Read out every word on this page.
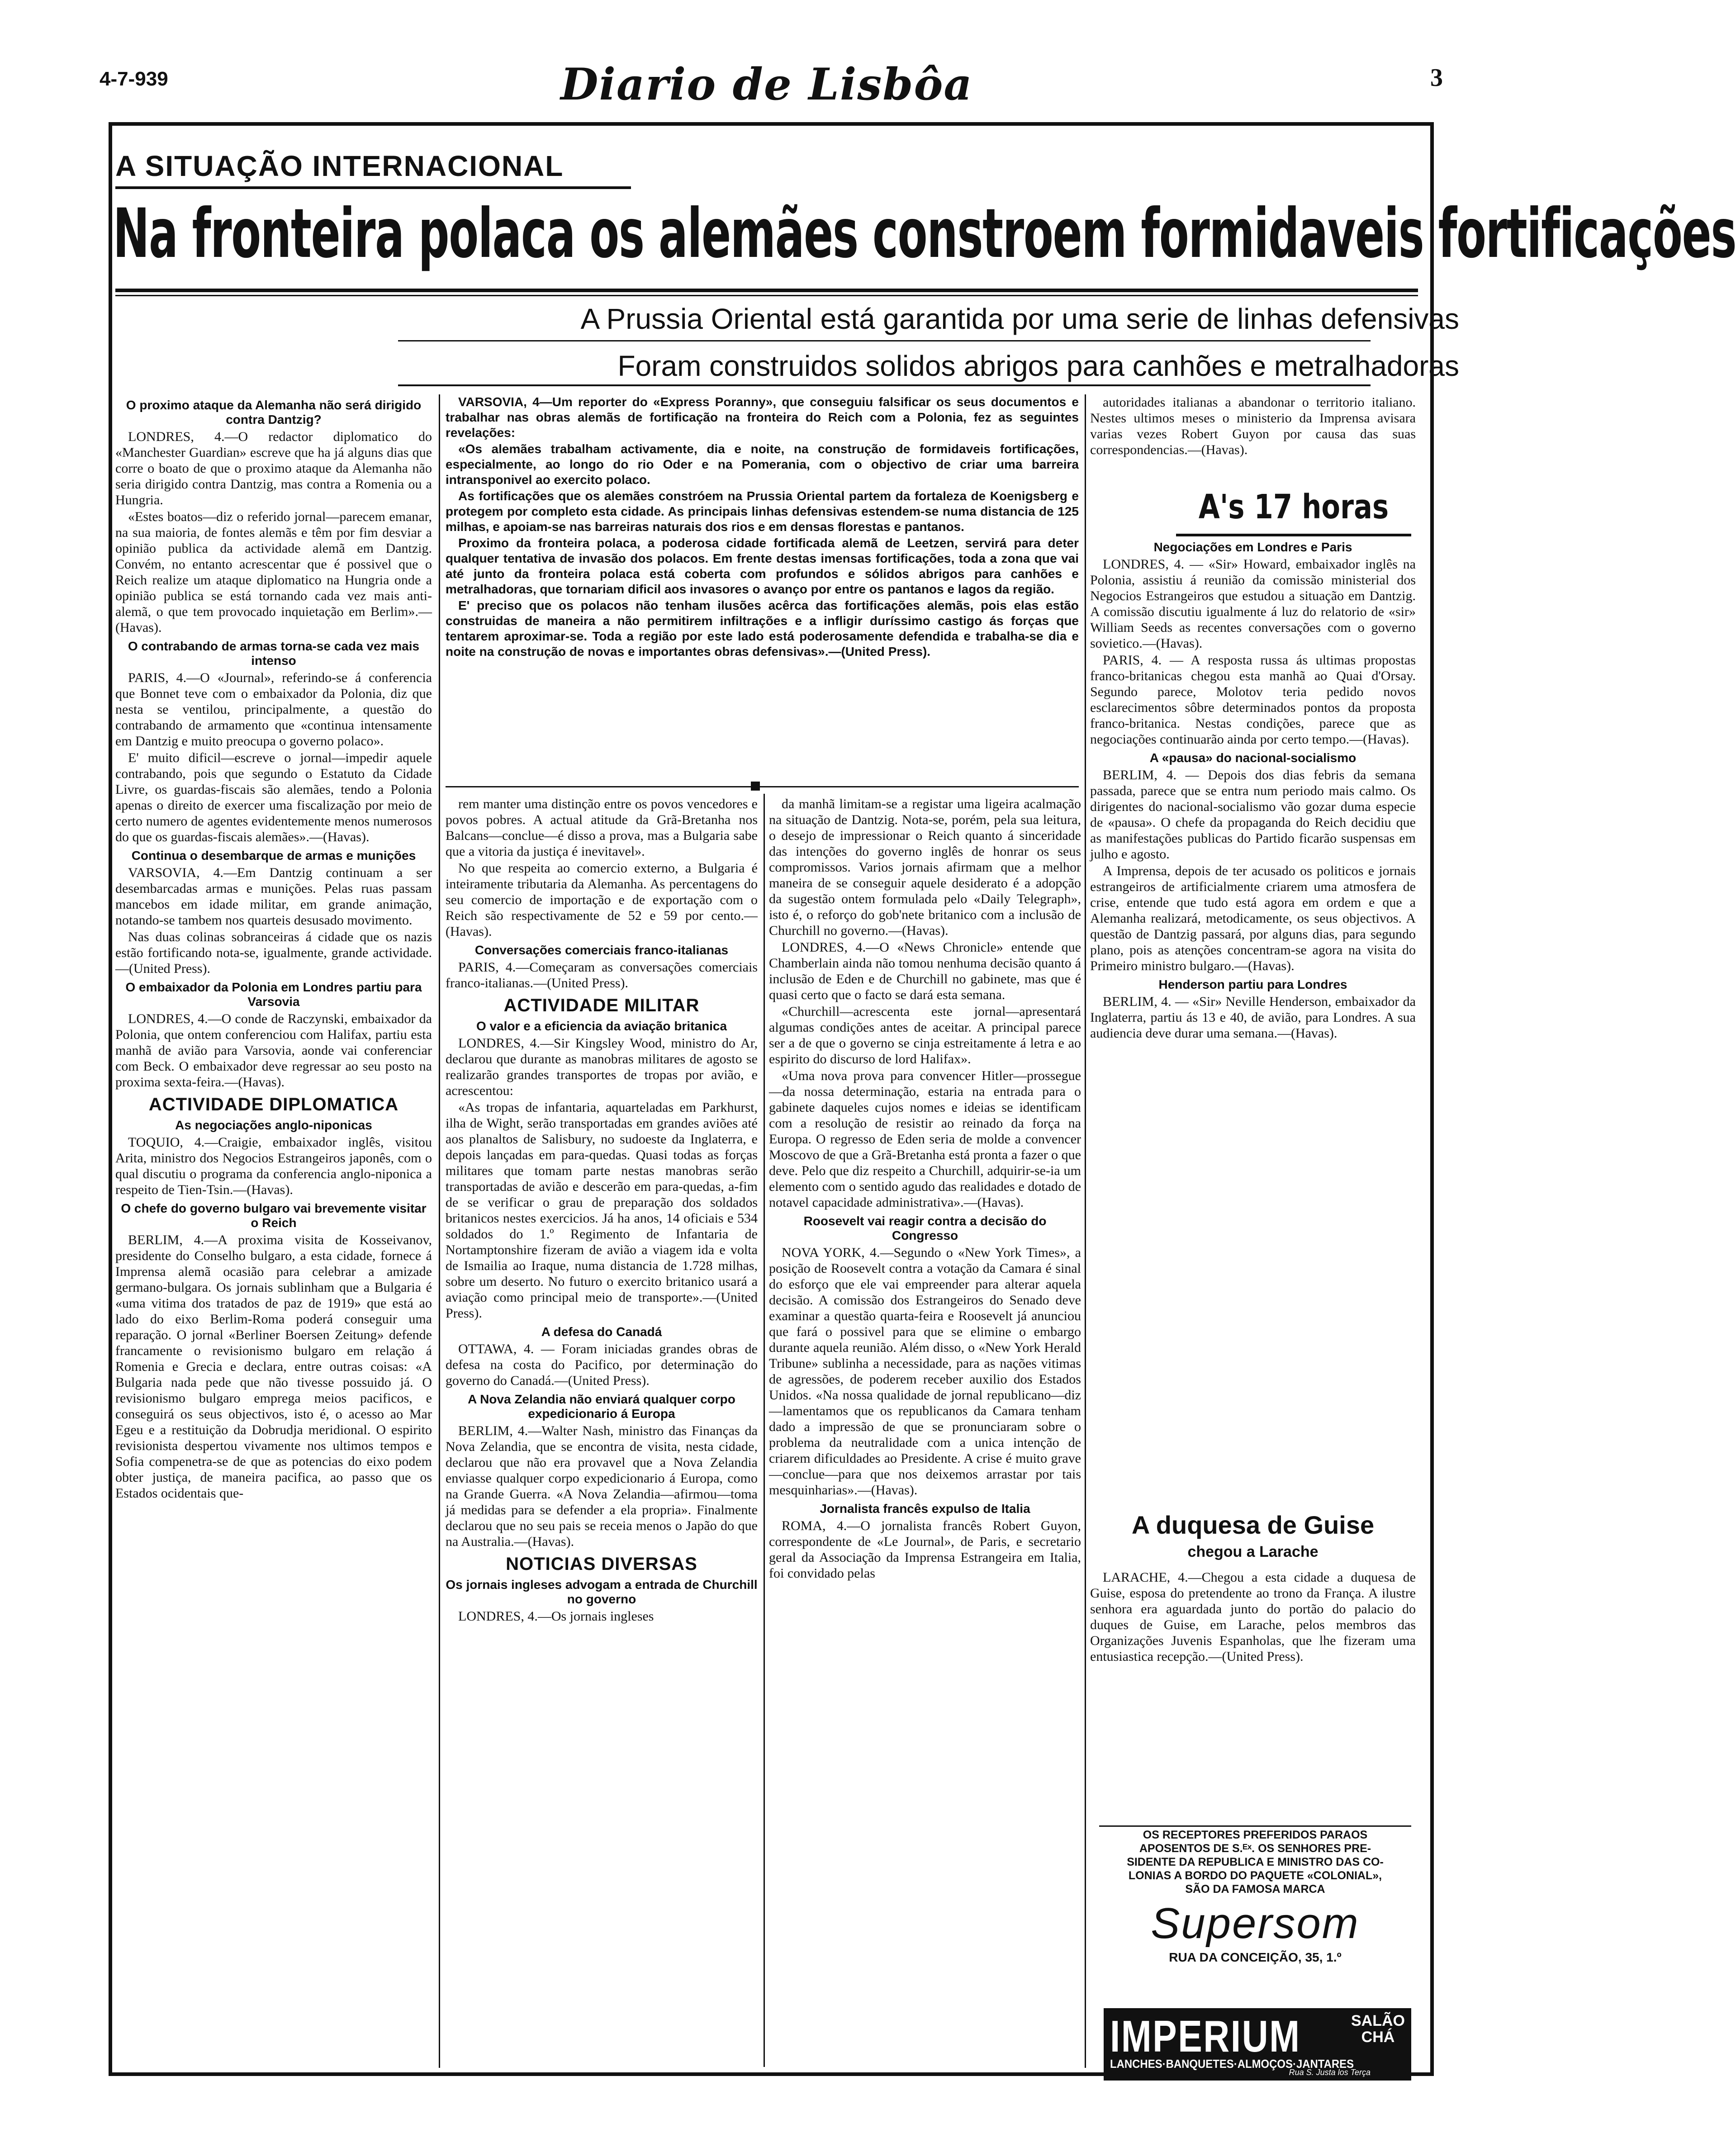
4-7-939	Diario de Lisbôa	3
A SITUAÇÃO INTERNACIONAL
Na fronteira polaca os alemães constroem formidaveis fortificações
A Prussia Oriental está garantida por uma serie de linhas defensivas
Foram construidos solidos abrigos para canhões e metralhadoras
O proximo ataque da Alemanha não será dirigido contra Dantzig?

LONDRES, 4.—O redactor diplomatico do «Manchester Guardian» escreve que ha já alguns dias que corre o boato de que o proximo ataque da Alemanha não seria dirigido contra Dantzig, mas contra a Romenia ou a Hungria.

«Estes boatos—diz o referido jornal—parecem emanar, na sua maioria, de fontes alemãs e têm por fim desviar a opinião publica da actividade alemã em Dantzig. Convém, no entanto acrescentar que é possivel que o Reich realize um ataque diplomatico na Hungria onde a opinião publica se está tornando cada vez mais anti-alemã, o que tem provocado inquietação em Berlim».—(Havas).

O contrabando de armas torna-se cada vez mais intenso

PARIS, 4.—O «Journal», referindo-se á conferencia que Bonnet teve com o embaixador da Polonia, diz que nesta se ventilou, principalmente, a questão do contrabando de armamento que «continua intensamente em Dantzig e muito preocupa o governo polaco».

E' muito dificil—escreve o jornal—impedir aquele contrabando, pois que segundo o Estatuto da Cidade Livre, os guardas-fiscais são alemães, tendo a Polonia apenas o direito de exercer uma fiscalização por meio de certo numero de agentes evidentemente menos numerosos do que os guardas-fiscais alemães».—(Havas).

Continua o desembarque de armas e munições

VARSOVIA, 4.—Em Dantzig continuam a ser desembarcadas armas e munições. Pelas ruas passam mancebos em idade militar, em grande animação, notando-se tambem nos quarteis desusado movimento.

Nas duas colinas sobranceiras á cidade que os nazis estão fortificando nota-se, igualmente, grande actividade.—(United Press).

O embaixador da Polonia em Londres partiu para Varsovia

LONDRES, 4.—O conde de Raczynski, embaixador da Polonia, que ontem conferenciou com Halifax, partiu esta manhã de avião para Varsovia, aonde vai conferenciar com Beck. O embaixador deve regressar ao seu posto na proxima sexta-feira.—(Havas).

ACTIVIDADE DIPLOMATICA
As negociações anglo-niponicas

TOQUIO, 4.—Craigie, embaixador inglês, visitou Arita, ministro dos Negocios Estrangeiros japonês, com o qual discutiu o programa da conferencia anglo-niponica a respeito de Tien-Tsin.—(Havas).

O chefe do governo bulgaro vai brevemente visitar o Reich

BERLIM, 4.—A proxima visita de Kosseivanov, presidente do Conselho bulgaro, a esta cidade, fornece á Imprensa alemã ocasião para celebrar a amizade germano-bulgara. Os jornais sublinham que a Bulgaria é «uma vitima dos tratados de paz de 1919» que está ao lado do eixo Berlim-Roma poderá conseguir uma reparação. O jornal «Berliner Boersen Zeitung» defende francamente o revisionismo bulgaro em relação á Romenia e Grecia e declara, entre outras coisas: «A Bulgaria nada pede que não tivesse possuido já. O revisionismo bulgaro emprega meios pacificos, e conseguirá os seus objectivos, isto é, o acesso ao Mar Egeu e a restituição da Dobrudja meridional. O espirito revisionista despertou vivamente nos ultimos tempos e Sofia compenetra-se de que as potencias do eixo podem obter justiça, de maneira pacifica, ao passo que os Estados ocidentais que-

VARSOVIA, 4—Um reporter do «Express Poranny», que conseguiu falsificar os seus documentos e trabalhar nas obras alemãs de fortificação na fronteira do Reich com a Polonia, fez as seguintes revelações:

«Os alemães trabalham activamente, dia e noite, na construção de formidaveis fortificações, especialmente, ao longo do rio Oder e na Pomerania, com o objectivo de criar uma barreira intransponivel ao exercito polaco.

As fortificações que os alemães constróem na Prussia Oriental partem da fortaleza de Koenigsberg e protegem por completo esta cidade. As principais linhas defensivas estendem-se numa distancia de 125 milhas, e apoiam-se nas barreiras naturais dos rios e em densas florestas e pantanos.

Proximo da fronteira polaca, a poderosa cidade fortificada alemã de Leetzen, servirá para deter qualquer tentativa de invasão dos polacos. Em frente destas imensas fortificações, toda a zona que vai até junto da fronteira polaca está coberta com profundos e sólidos abrigos para canhões e metralhadoras, que tornariam dificil aos invasores o avanço por entre os pantanos e lagos da região.

E' preciso que os polacos não tenham ilusões acêrca das fortificações alemãs, pois elas estão construidas de maneira a não permitirem infiltrações e a infligir duríssimo castigo ás forças que tentarem aproximar-se. Toda a região por este lado está poderosamente defendida e trabalha-se dia e noite na construção de novas e importantes obras defensivas».—(United Press).

rem manter uma distinção entre os povos vencedores e povos pobres. A actual atitude da Grã-Bretanha nos Balcans—conclue—é disso a prova, mas a Bulgaria sabe que a vitoria da justiça é inevitavel».

No que respeita ao comercio externo, a Bulgaria é inteiramente tributaria da Alemanha. As percentagens do seu comercio de importação e de exportação com o Reich são respectivamente de 52 e 59 por cento.—(Havas).

Conversações comerciais franco-italianas

PARIS, 4.—Começaram as conversações comerciais franco-italianas.—(United Press).

ACTIVIDADE MILITAR
O valor e a eficiencia da aviação britanica

LONDRES, 4.—Sir Kingsley Wood, ministro do Ar, declarou que durante as manobras militares de agosto se realizarão grandes transportes de tropas por avião, e acrescentou:

«As tropas de infantaria, aquarteladas em Parkhurst, ilha de Wight, serão transportadas em grandes aviões até aos planaltos de Salisbury, no sudoeste da Inglaterra, e depois lançadas em para-quedas. Quasi todas as forças militares que tomam parte nestas manobras serão transportadas de avião e descerão em para-quedas, a-fim de se verificar o grau de preparação dos soldados britanicos nestes exercicios. Já ha anos, 14 oficiais e 534 soldados do 1.º Regimento de Infantaria de Nortamptonshire fizeram de avião a viagem ida e volta de Ismailia ao Iraque, numa distancia de 1.728 milhas, sobre um deserto. No futuro o exercito britanico usará a aviação como principal meio de transporte».—(United Press).

A defesa do Canadá

OTTAWA, 4. — Foram iniciadas grandes obras de defesa na costa do Pacifico, por determinação do governo do Canadá.—(United Press).

A Nova Zelandia não enviará qualquer corpo expedicionario á Europa

BERLIM, 4.—Walter Nash, ministro das Finanças da Nova Zelandia, que se encontra de visita, nesta cidade, declarou que não era provavel que a Nova Zelandia enviasse qualquer corpo expedicionario á Europa, como na Grande Guerra. «A Nova Zelandia—afirmou—toma já medidas para se defender a ela propria». Finalmente declarou que no seu pais se receia menos o Japão do que na Australia.—(Havas).

NOTICIAS DIVERSAS
Os jornais ingleses advogam a entrada de Churchill no governo

LONDRES, 4.—Os jornais ingleses

da manhã limitam-se a registar uma ligeira acalmação na situação de Dantzig. Nota-se, porém, pela sua leitura, o desejo de impressionar o Reich quanto á sinceridade das intenções do governo inglês de honrar os seus compromissos. Varios jornais afirmam que a melhor maneira de se conseguir aquele desiderato é a adopção da sugestão ontem formulada pelo «Daily Telegraph», isto é, o reforço do gob'nete britanico com a inclusão de Churchill no governo.—(Havas).

LONDRES, 4.—O «News Chronicle» entende que Chamberlain ainda não tomou nenhuma decisão quanto á inclusão de Eden e de Churchill no gabinete, mas que é quasi certo que o facto se dará esta semana.

«Churchill—acrescenta este jornal—apresentará algumas condições antes de aceitar. A principal parece ser a de que o governo se cinja estreitamente á letra e ao espirito do discurso de lord Halifax».

«Uma nova prova para convencer Hitler—prossegue—da nossa determinação, estaria na entrada para o gabinete daqueles cujos nomes e ideias se identificam com a resolução de resistir ao reinado da força na Europa. O regresso de Eden seria de molde a convencer Moscovo de que a Grã-Bretanha está pronta a fazer o que deve. Pelo que diz respeito a Churchill, adquirir-se-ia um elemento com o sentido agudo das realidades e dotado de notavel capacidade administrativa».—(Havas).

Roosevelt vai reagir contra a decisão do Congresso

NOVA YORK, 4.—Segundo o «New York Times», a posição de Roosevelt contra a votação da Camara é sinal do esforço que ele vai empreender para alterar aquela decisão. A comissão dos Estrangeiros do Senado deve examinar a questão quarta-feira e Roosevelt já anunciou que fará o possivel para que se elimine o embargo durante aquela reunião. Além disso, o «New York Herald Tribune» sublinha a necessidade, para as nações vitimas de agressões, de poderem receber auxilio dos Estados Unidos. «Na nossa qualidade de jornal republicano—diz—lamentamos que os republicanos da Camara tenham dado a impressão de que se pronunciaram sobre o problema da neutralidade com a unica intenção de criarem dificuldades ao Presidente. A crise é muito grave—conclue—para que nos deixemos arrastar por tais mesquinharias».—(Havas).

Jornalista francês expulso de Italia

ROMA, 4.—O jornalista francês Robert Guyon, correspondente de «Le Journal», de Paris, e secretario geral da Associação da Imprensa Estrangeira em Italia, foi convidado pelas

autoridades italianas a abandonar o territorio italiano. Nestes ultimos meses o ministerio da Imprensa avisara varias vezes Robert Guyon por causa das suas correspondencias.—(Havas).

Negociações em Londres e Paris

LONDRES, 4. — «Sir» Howard, embaixador inglês na Polonia, assistiu á reunião da comissão ministerial dos Negocios Estrangeiros que estudou a situação em Dantzig. A comissão discutiu igualmente á luz do relatorio de «sir» William Seeds as recentes conversações com o governo sovietico.—(Havas).

PARIS, 4. — A resposta russa ás ultimas propostas franco-britanicas chegou esta manhã ao Quai d'Orsay. Segundo parece, Molotov teria pedido novos esclarecimentos sôbre determinados pontos da proposta franco-britanica. Nestas condições, parece que as negociações continuarão ainda por certo tempo.—(Havas).

A «pausa» do nacional-socialismo

BERLIM, 4. — Depois dos dias febris da semana passada, parece que se entra num periodo mais calmo. Os dirigentes do nacional-socialismo vão gozar duma especie de «pausa». O chefe da propaganda do Reich decidiu que as manifestações publicas do Partido ficarão suspensas em julho e agosto.

A Imprensa, depois de ter acusado os politicos e jornais estrangeiros de artificialmente criarem uma atmosfera de crise, entende que tudo está agora em ordem e que a Alemanha realizará, metodicamente, os seus objectivos. A questão de Dantzig passará, por alguns dias, para segundo plano, pois as atenções concentram-se agora na visita do Primeiro ministro bulgaro.—(Havas).

Henderson partiu para Londres

BERLIM, 4. — «Sir» Neville Henderson, embaixador da Inglaterra, partiu ás 13 e 40, de avião, para Londres. A sua audiencia deve durar uma semana.—(Havas).

A's 17 horas
A duquesa de Guise
chegou a Larache

LARACHE, 4.—Chegou a esta cidade a duquesa de Guise, esposa do pretendente ao trono da França. A ilustre senhora era aguardada junto do portão do palacio do duques de Guise, em Larache, pelos membros das Organizações Juvenis Espanholas, que lhe fizeram uma entusiastica recepção.—(United Press).

OS RECEPTORES PREFERIDOS PARAOS
APOSENTOS DE S.ᴱˣ. OS SENHORES PRE-
SIDENTE DA REPUBLICA E MINISTRO DAS CO-
LONIAS A BORDO DO PAQUETE «COLONIAL»,
SÃO DA FAMOSA MARCA
Supersom
RUA DA CONCEIÇÃO, 35, 1.º
IMPERIUM	SALÃO
CHÁ
LANCHES·BANQUETES·ALMOÇOS·JANTARES
Rua S. Justa los Terça
